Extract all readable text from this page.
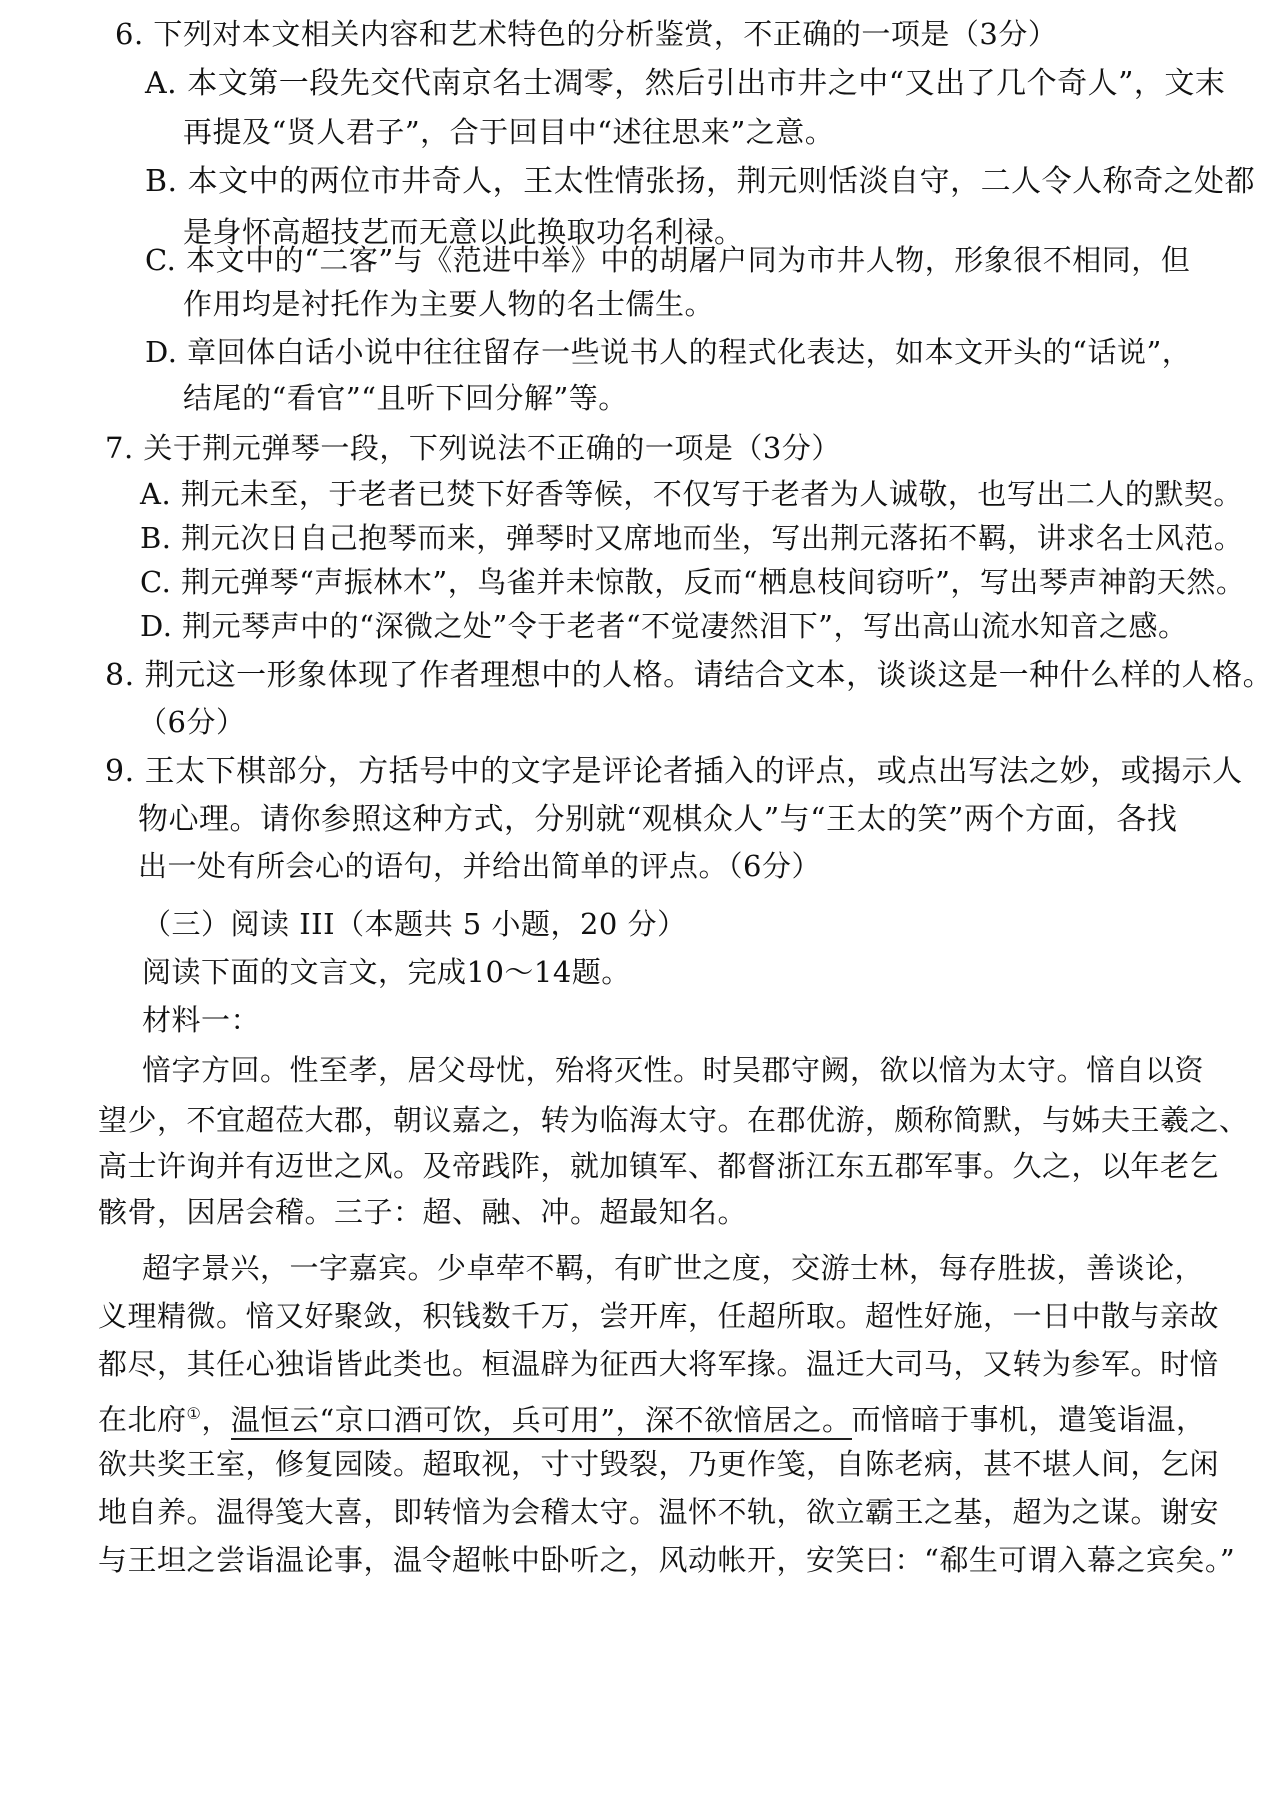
6. 下列对本文相关内容和艺术特色的分析鉴赏，不正确的一项是（3分）
A. 本文第一段先交代南京名士凋零，然后引出市井之中“又出了几个奇人”，文末
再提及“贤人君子”，合于回目中“述往思来”之意。
B. 本文中的两位市井奇人，王太性情张扬，荆元则恬淡自守，二人令人称奇之处都
是身怀高超技艺而无意以此换取功名利禄。
C. 本文中的“二客”与《范进中举》中的胡屠户同为市井人物，形象很不相同，但
作用均是衬托作为主要人物的名士儒生。
D. 章回体白话小说中往往留存一些说书人的程式化表达，如本文开头的“话说”，
结尾的“看官”“且听下回分解”等。
7. 关于荆元弹琴一段，下列说法不正确的一项是（3分）
A. 荆元未至，于老者已焚下好香等候，不仅写于老者为人诚敬，也写出二人的默契。
B. 荆元次日自己抱琴而来，弹琴时又席地而坐，写出荆元落拓不羁，讲求名士风范。
C. 荆元弹琴“声振林木”，鸟雀并未惊散，反而“栖息枝间窃听”，写出琴声神韵天然。
D. 荆元琴声中的“深微之处”令于老者“不觉凄然泪下”，写出高山流水知音之感。
8. 荆元这一形象体现了作者理想中的人格。请结合文本，谈谈这是一种什么样的人格。
（6分）
9. 王太下棋部分，方括号中的文字是评论者插入的评点，或点出写法之妙，或揭示人
物心理。请你参照这种方式，分别就“观棋众人”与“王太的笑”两个方面，各找
出一处有所会心的语句，并给出简单的评点。（6分）
（三）阅读 III（本题共 5 小题，20 分）
阅读下面的文言文，完成10～14题。
材料一：
愔字方回。性至孝，居父母忧，殆将灭性。时吴郡守阙，欲以愔为太守。愔自以资
望少，不宜超莅大郡，朝议嘉之，转为临海太守。在郡优游，颇称简默，与姊夫王羲之、
高士许询并有迈世之风。及帝践阼，就加镇军、都督浙江东五郡军事。久之，以年老乞
骸骨，因居会稽。三子：超、融、冲。超最知名。
超字景兴，一字嘉宾。少卓荦不羁，有旷世之度，交游士林，每存胜拔，善谈论，
义理精微。愔又好聚敛，积钱数千万，尝开库，任超所取。超性好施，一日中散与亲故
都尽，其任心独诣皆此类也。桓温辟为征西大将军掾。温迁大司马，又转为参军。时愔
在北府①，温恒云“京口酒可饮，兵可用”，深不欲愔居之。而愔暗于事机，遣笺诣温，
欲共奖王室，修复园陵。超取视，寸寸毁裂，乃更作笺，自陈老病，甚不堪人间，乞闲
地自养。温得笺大喜，即转愔为会稽太守。温怀不轨，欲立霸王之基，超为之谋。谢安
与王坦之尝诣温论事，温令超帐中卧听之，风动帐开，安笑曰：“郗生可谓入幕之宾矣。”
